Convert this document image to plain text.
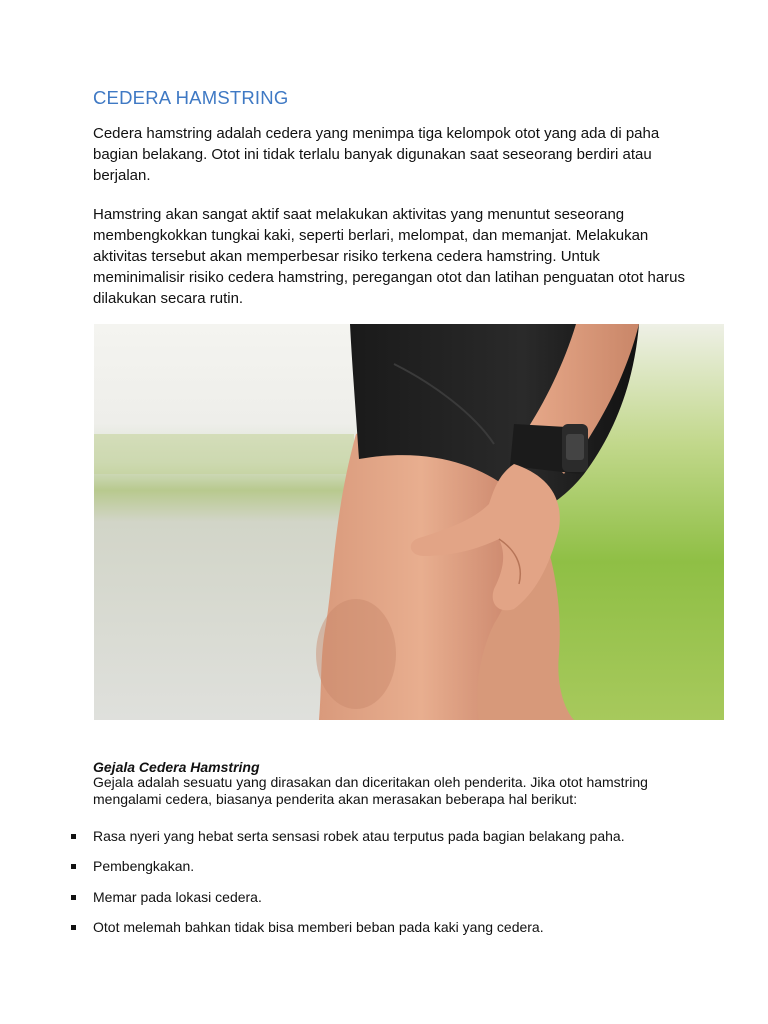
CEDERA HAMSTRING

Cedera hamstring adalah cedera yang menimpa tiga kelompok otot yang ada di paha bagian belakang. Otot ini tidak terlalu banyak digunakan saat seseorang berdiri atau berjalan.

Hamstring akan sangat aktif saat melakukan aktivitas yang menuntut seseorang membengkokkan tungkai kaki, seperti berlari, melompat, dan memanjat. Melakukan aktivitas tersebut akan memperbesar risiko terkena cedera hamstring. Untuk meminimalisir risiko cedera hamstring, peregangan otot dan latihan penguatan otot harus dilakukan secara rutin.

Gejala Cedera Hamstring

Gejala adalah sesuatu yang dirasakan dan diceritakan oleh penderita. Jika otot hamstring mengalami cedera, biasanya penderita akan merasakan beberapa hal berikut:

Rasa nyeri yang hebat serta sensasi robek atau terputus pada bagian belakang paha.
Pembengkakan.
Memar pada lokasi cedera.
Otot melemah bahkan tidak bisa memberi beban pada kaki yang cedera.
